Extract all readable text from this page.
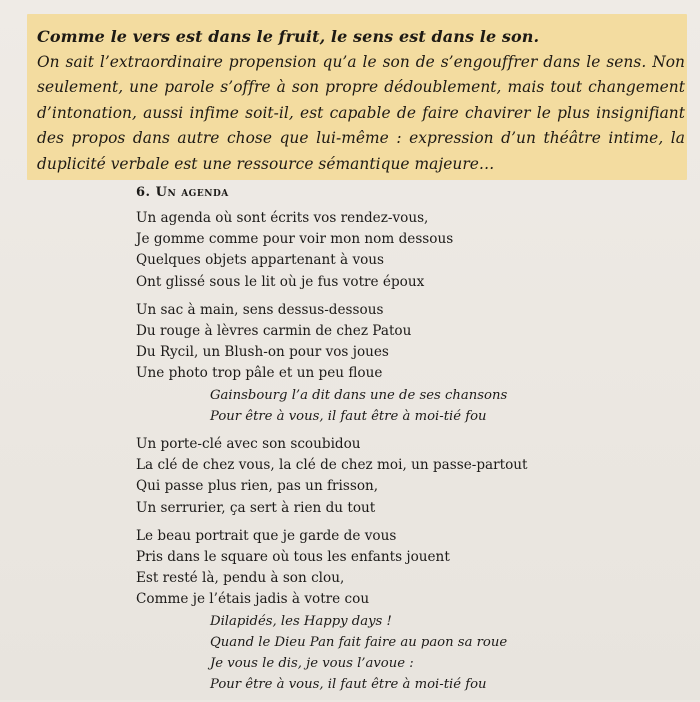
Comme le vers est dans le fruit, le sens est dans le son.
On sait l’extraordinaire propension qu’a le son de s’engouffrer dans le sens. Non seulement, une parole s’offre à son propre dédoublement, mais tout changement d’intonation, aussi infime soit-il, est capable de faire chavirer le plus insignifiant des propos dans autre chose que lui-même : expression d’un théâtre intime, la duplicité verbale est une ressource sémantique majeure…
6. Un agenda
Un agenda où sont écrits vos rendez-vous,
Je gomme comme pour voir mon nom dessous
Quelques objets appartenant à vous
Ont glissé sous le lit où je fus votre époux
Un sac à main, sens dessus-dessous
Du rouge à lèvres carmin de chez Patou
Du Rycil, un Blush-on pour vos joues
Une photo trop pâle et un peu floue
Gainsbourg l’a dit dans une de ses chansons
Pour être à vous, il faut être à moi-tié fou
Un porte-clé avec son scoubidou
La clé de chez vous, la clé de chez moi, un passe-partout
Qui passe plus rien, pas un frisson,
Un serrurier, ça sert à rien du tout
Le beau portrait que je garde de vous
Pris dans le square où tous les enfants jouent
Est resté là, pendu à son clou,
Comme je l’étais jadis à votre cou
Dilapidés, les Happy days !
Quand le Dieu Pan fait faire au paon sa roue
Je vous le dis, je vous l’avoue :
Pour être à vous, il faut être à moi-tié fou
